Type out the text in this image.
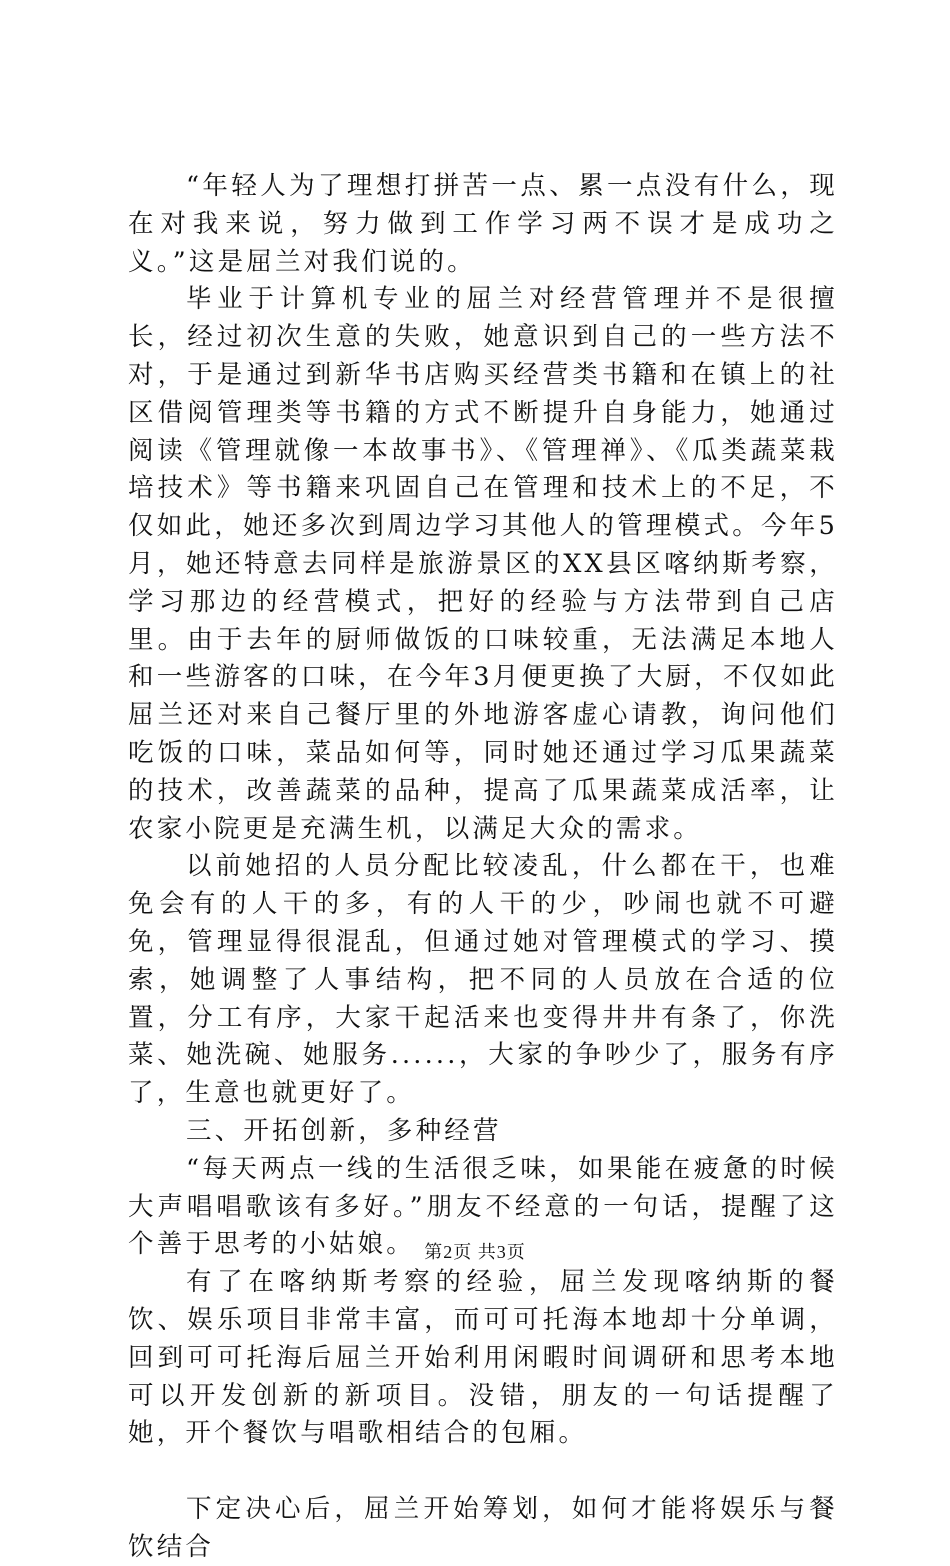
“年轻人为了理想打拼苦一点、累一点没有什么，现在对我来说，努力做到工作学习两不误才是成功之义。”这是屈兰对我们说的。

毕业于计算机专业的屈兰对经营管理并不是很擅长，经过初次生意的失败，她意识到自己的一些方法不对，于是通过到新华书店购买经营类书籍和在镇上的社区借阅管理类等书籍的方式不断提升自身能力，她通过阅读《管理就像一本故事书》、《管理禅》、《瓜类蔬菜栽培技术》等书籍来巩固自己在管理和技术上的不足，不仅如此，她还多次到周边学习其他人的管理模式。今年5月，她还特意去同样是旅游景区的XX县区喀纳斯考察，学习那边的经营模式，把好的经验与方法带到自己店里。由于去年的厨师做饭的口味较重，无法满足本地人和一些游客的口味，在今年3月便更换了大厨，不仅如此屈兰还对来自己餐厅里的外地游客虚心请教，询问他们吃饭的口味，菜品如何等，同时她还通过学习瓜果蔬菜的技术，改善蔬菜的品种，提高了瓜果蔬菜成活率，让农家小院更是充满生机，以满足大众的需求。

以前她招的人员分配比较凌乱，什么都在干，也难免会有的人干的多，有的人干的少，吵闹也就不可避免，管理显得很混乱，但通过她对管理模式的学习、摸索，她调整了人事结构，把不同的人员放在合适的位置，分工有序，大家干起活来也变得井井有条了，你洗菜、她洗碗、她服务......，大家的争吵少了，服务有序了，生意也就更好了。

三、开拓创新，多种经营

“每天两点一线的生活很乏味，如果能在疲惫的时候大声唱唱歌该有多好。”朋友不经意的一句话，提醒了这个善于思考的小姑娘。

有了在喀纳斯考察的经验，屈兰发现喀纳斯的餐饮、娱乐项目非常丰富，而可可托海本地却十分单调，回到可可托海后屈兰开始利用闲暇时间调研和思考本地可以开发创新的新项目。没错，朋友的一句话提醒了她，开个餐饮与唱歌相结合的包厢。

下定决心后，屈兰开始筹划，如何才能将娱乐与餐饮结合

第2页 共3页
